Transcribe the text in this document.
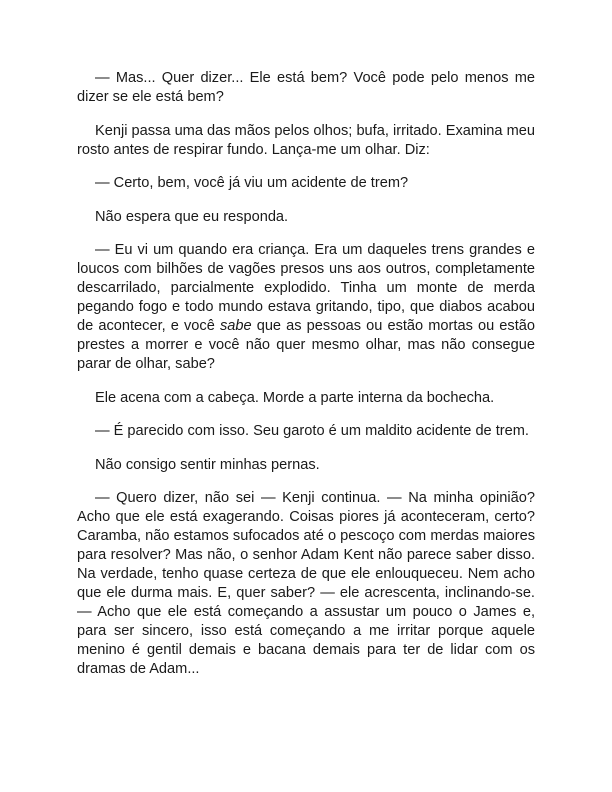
— Mas... Quer dizer... Ele está bem? Você pode pelo menos me dizer se ele está bem?

Kenji passa uma das mãos pelos olhos; bufa, irritado. Examina meu rosto antes de respirar fundo. Lança-me um olhar. Diz:

— Certo, bem, você já viu um acidente de trem?

Não espera que eu responda.

— Eu vi um quando era criança. Era um daqueles trens grandes e loucos com bilhões de vagões presos uns aos outros, completamente descarrilado, parcialmente explodido. Tinha um monte de merda pegando fogo e todo mundo estava gritando, tipo, que diabos acabou de acontecer, e você sabe que as pessoas ou estão mortas ou estão prestes a morrer e você não quer mesmo olhar, mas não consegue parar de olhar, sabe?

Ele acena com a cabeça. Morde a parte interna da bochecha.

— É parecido com isso. Seu garoto é um maldito acidente de trem.

Não consigo sentir minhas pernas.

— Quero dizer, não sei — Kenji continua. — Na minha opinião? Acho que ele está exagerando. Coisas piores já aconteceram, certo? Caramba, não estamos sufocados até o pescoço com merdas maiores para resolver? Mas não, o senhor Adam Kent não parece saber disso. Na verdade, tenho quase certeza de que ele enlouqueceu. Nem acho que ele durma mais. E, quer saber? — ele acrescenta, inclinando-se. — Acho que ele está começando a assustar um pouco o James e, para ser sincero, isso está começando a me irritar porque aquele menino é gentil demais e bacana demais para ter de lidar com os dramas de Adam...
